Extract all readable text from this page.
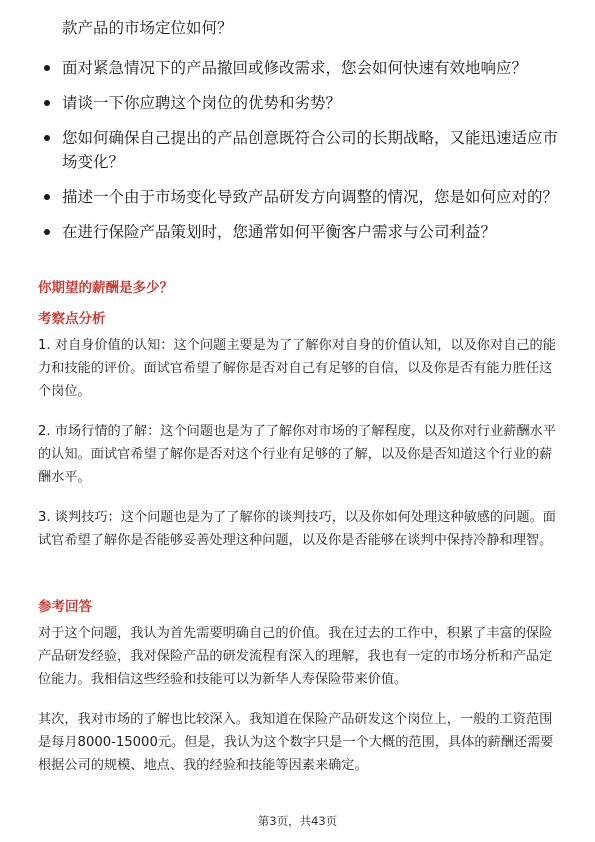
款产品的市场定位如何？
面对紧急情况下的产品撤回或修改需求，您会如何快速有效地响应？
请谈一下你应聘这个岗位的优势和劣势？
您如何确保自己提出的产品创意既符合公司的长期战略，又能迅速适应市场变化？
描述一个由于市场变化导致产品研发方向调整的情况，您是如何应对的？
在进行保险产品策划时，您通常如何平衡客户需求与公司利益？
你期望的薪酬是多少？
考察点分析
1. 对自身价值的认知：这个问题主要是为了了解你对自身的价值认知，以及你对自己的能力和技能的评价。面试官希望了解你是否对自己有足够的自信，以及你是否有能力胜任这个岗位。
2. 市场行情的了解：这个问题也是为了了解你对市场的了解程度，以及你对行业薪酬水平的认知。面试官希望了解你是否对这个行业有足够的了解，以及你是否知道这个行业的薪酬水平。
3. 谈判技巧：这个问题也是为了了解你的谈判技巧，以及你如何处理这种敏感的问题。面试官希望了解你是否能够妥善处理这种问题，以及你是否能够在谈判中保持冷静和理智。
参考回答
对于这个问题，我认为首先需要明确自己的价值。我在过去的工作中，积累了丰富的保险产品研发经验，我对保险产品的研发流程有深入的理解，我也有一定的市场分析和产品定位能力。我相信这些经验和技能可以为新华人寿保险带来价值。
其次，我对市场的了解也比较深入。我知道在保险产品研发这个岗位上，一般的工资范围是每月8000-15000元。但是，我认为这个数字只是一个大概的范围，具体的薪酬还需要根据公司的规模、地点、我的经验和技能等因素来确定。
第3页，共43页
